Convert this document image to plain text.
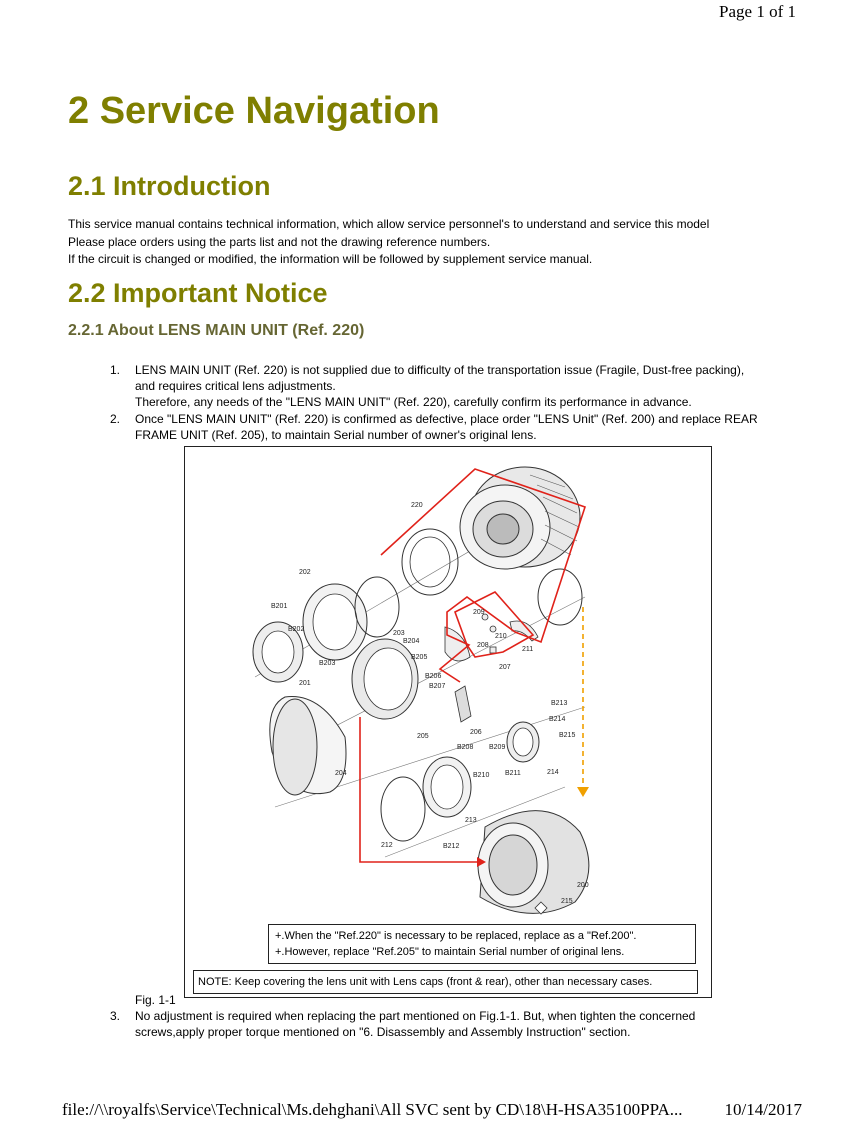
Page 1 of 1
2 Service Navigation
2.1 Introduction
This service manual contains technical information, which allow service personnel's to understand and service this model
Please place orders using the parts list and not the drawing reference numbers.
If the circuit is changed or modified, the information will be followed by supplement service manual.
2.2 Important Notice
2.2.1 About LENS MAIN UNIT (Ref. 220)
1. LENS MAIN UNIT (Ref. 220) is not supplied due to difficulty of the transportation issue (Fragile, Dust-free packing),
and requires critical lens adjustments.
Therefore, any needs of the "LENS MAIN UNIT" (Ref. 220), carefully confirm its performance in advance.
2. Once "LENS MAIN UNIT" (Ref. 220) is confirmed as defective, place order "LENS Unit" (Ref. 200) and replace REAR
FRAME UNIT (Ref. 205), to maintain Serial number of owner's original lens.
220
202
B201
B202
203
B204
B203
201
B205
B206
B207
209
210
208
211
207
B213
B214
B215
205
206
B208 B209
204	B210 B211	214
213
212	B212
200
215
+.When the "Ref.220" is necessary to be replaced, replace as a "Ref.200".
+.However, replace "Ref.205" to maintain Serial number of original lens.
NOTE: Keep covering the lens unit with Lens caps (front & rear), other than necessary cases.
Fig. 1-1
3. No adjustment is required when replacing the part mentioned on Fig.1-1. But, when tighten the concerned
screws,apply proper torque mentioned on "6. Disassembly and Assembly Instruction" section.
file://\\royalfs\Service\Technical\Ms.dehghani\All SVC sent by CD\18\H-HSA35100PPA... 10/14/2017
